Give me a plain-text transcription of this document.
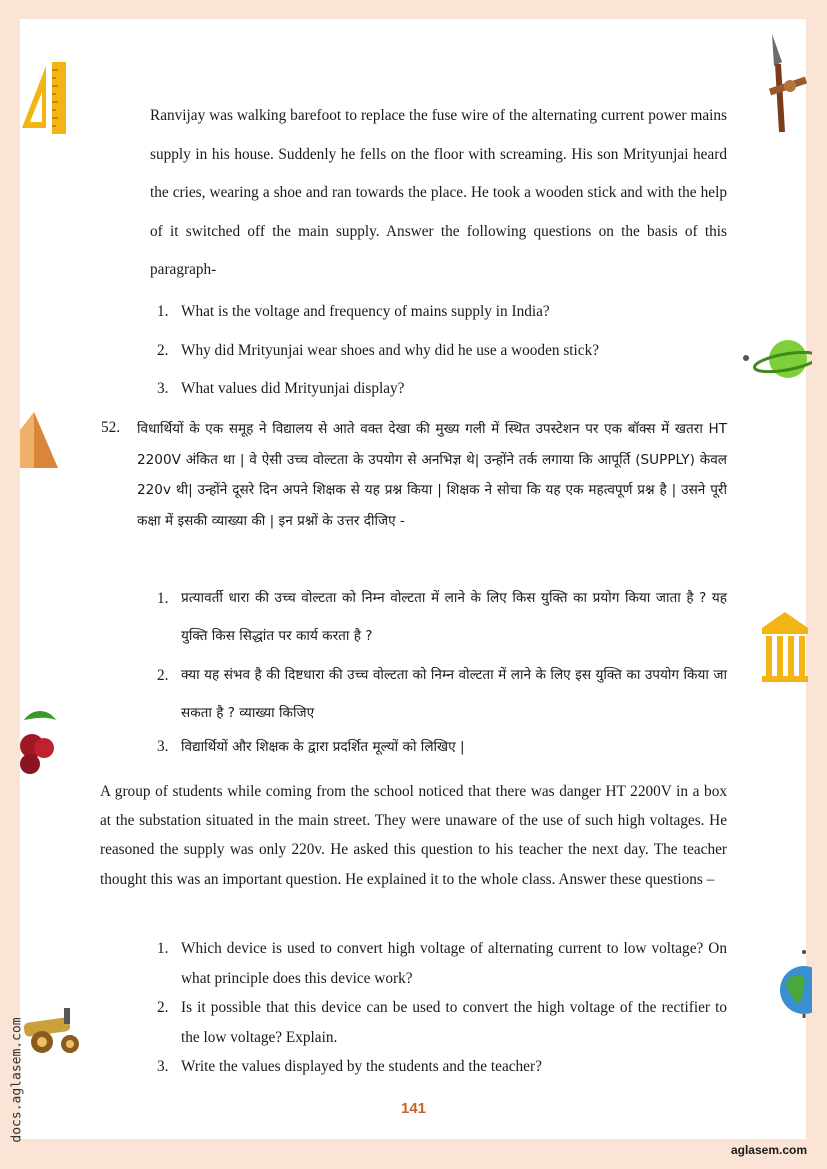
Ranvijay was walking barefoot to replace the fuse wire of the alternating current power mains supply in his house. Suddenly he fells on the floor with screaming. His son Mrityunjai heard the cries, wearing a shoe and ran towards the place. He took a wooden stick and with the help of it switched off the main supply. Answer the following questions on the basis of this paragraph-

1. What is the voltage and frequency of mains supply in India?
2. Why did Mrityunjai wear shoes and why did he use a wooden stick?
3. What values did Mrityunjai display?
52. विधार्थियों के एक समूह ने विद्यालय से आते वक्त देखा की मुख्य गली में स्थित उपस्टेशन पर एक बॉक्स में खतरा HT 2200V अंकित था | वे ऐसी उच्च वोल्टता के उपयोग से अनभिज्ञ थे| उन्होंने तर्क लगाया कि आपूर्ति (SUPPLY) केवल 220v थी| उन्होंने दूसरे दिन अपने शिक्षक से यह प्रश्न किया | शिक्षक ने सोचा कि यह एक महत्वपूर्ण प्रश्न है | उसने पूरी कक्षा में इसकी व्याख्या की | इन प्रश्नों के उत्तर दीजिए -

1. प्रत्यावर्ती धारा की उच्च वोल्टता को निम्न वोल्टता में लाने के लिए किस युक्ति का प्रयोग किया जाता है ? यह युक्ति किस सिद्धांत पर कार्य करता है ?
2. क्या यह संभव है की दिष्टधारा की उच्च वोल्टता को निम्न वोल्टता में लाने के लिए इस युक्ति का उपयोग किया जा सकता है ? व्याख्या किजिए
3. विद्यार्थियों और शिक्षक के द्वारा प्रदर्शित मूल्यों को लिखिए |

A group of students while coming from the school noticed that there was danger HT 2200V in a box at the substation situated in the main street. They were unaware of the use of such high voltages. He reasoned the supply was only 220v. He asked this question to his teacher the next day. The teacher thought this was an important question. He explained it to the whole class. Answer these questions –

1. Which device is used to convert high voltage of alternating current to low voltage? On what principle does this device work?
2. Is it possible that this device can be used to convert the high voltage of the rectifier to the low voltage? Explain.
3. Write the values displayed by the students and the teacher?
141
aglasem.com
docs.aglasem.com
